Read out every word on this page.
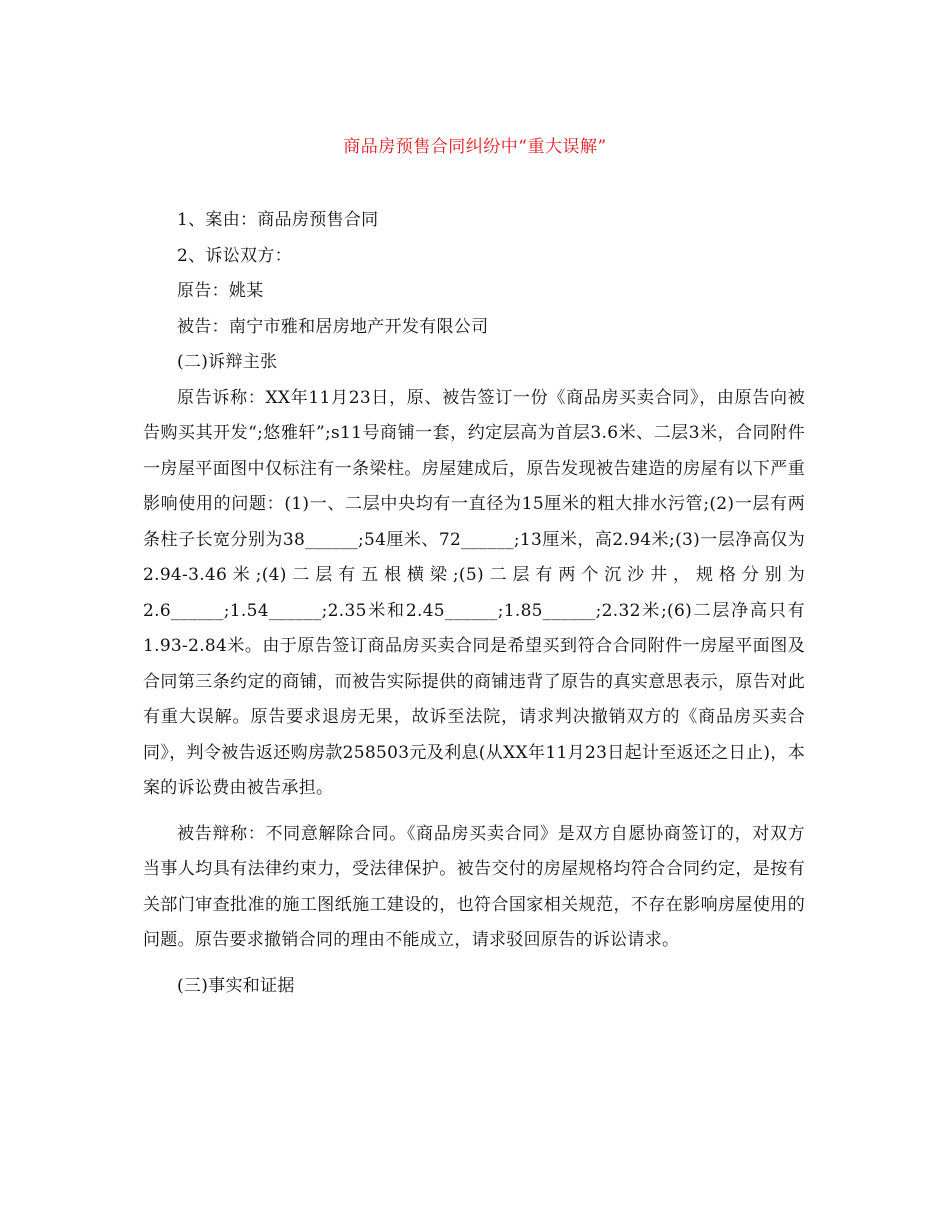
商品房预售合同纠纷中“重大误解”

1、案由：商品房预售合同

2、诉讼双方：

原告：姚某

被告：南宁市雅和居房地产开发有限公司

(二)诉辩主张

原告诉称：XX年11月23日，原、被告签订一份《商品房买卖合同》，由原告向被告购买其开发“;悠雅轩”;s11号商铺一套，约定层高为首层3.6米、二层3米，合同附件一房屋平面图中仅标注有一条梁柱。房屋建成后，原告发现被告建造的房屋有以下严重影响使用的问题：(1)一、二层中央均有一直径为15厘米的粗大排水污管;(2)一层有两条柱子长宽分别为38______;54厘米、72______;13厘米，高2.94米;(3)一层净高仅为2.94-3.46米;(4)二层有五根横梁;(5)二层有两个沉沙井，规格分别为2.6______;1.54______;2.35米和2.45______;1.85______;2.32米;(6)二层净高只有1.93-2.84米。由于原告签订商品房买卖合同是希望买到符合合同附件一房屋平面图及合同第三条约定的商铺，而被告实际提供的商铺违背了原告的真实意思表示，原告对此有重大误解。原告要求退房无果，故诉至法院，请求判决撤销双方的《商品房买卖合同》，判令被告返还购房款258503元及利息(从XX年11月23日起计至返还之日止)，本案的诉讼费由被告承担。

被告辩称：不同意解除合同。《商品房买卖合同》是双方自愿协商签订的，对双方当事人均具有法律约束力，受法律保护。被告交付的房屋规格均符合合同约定，是按有关部门审查批准的施工图纸施工建设的，也符合国家相关规范，不存在影响房屋使用的问题。原告要求撤销合同的理由不能成立，请求驳回原告的诉讼请求。

(三)事实和证据
